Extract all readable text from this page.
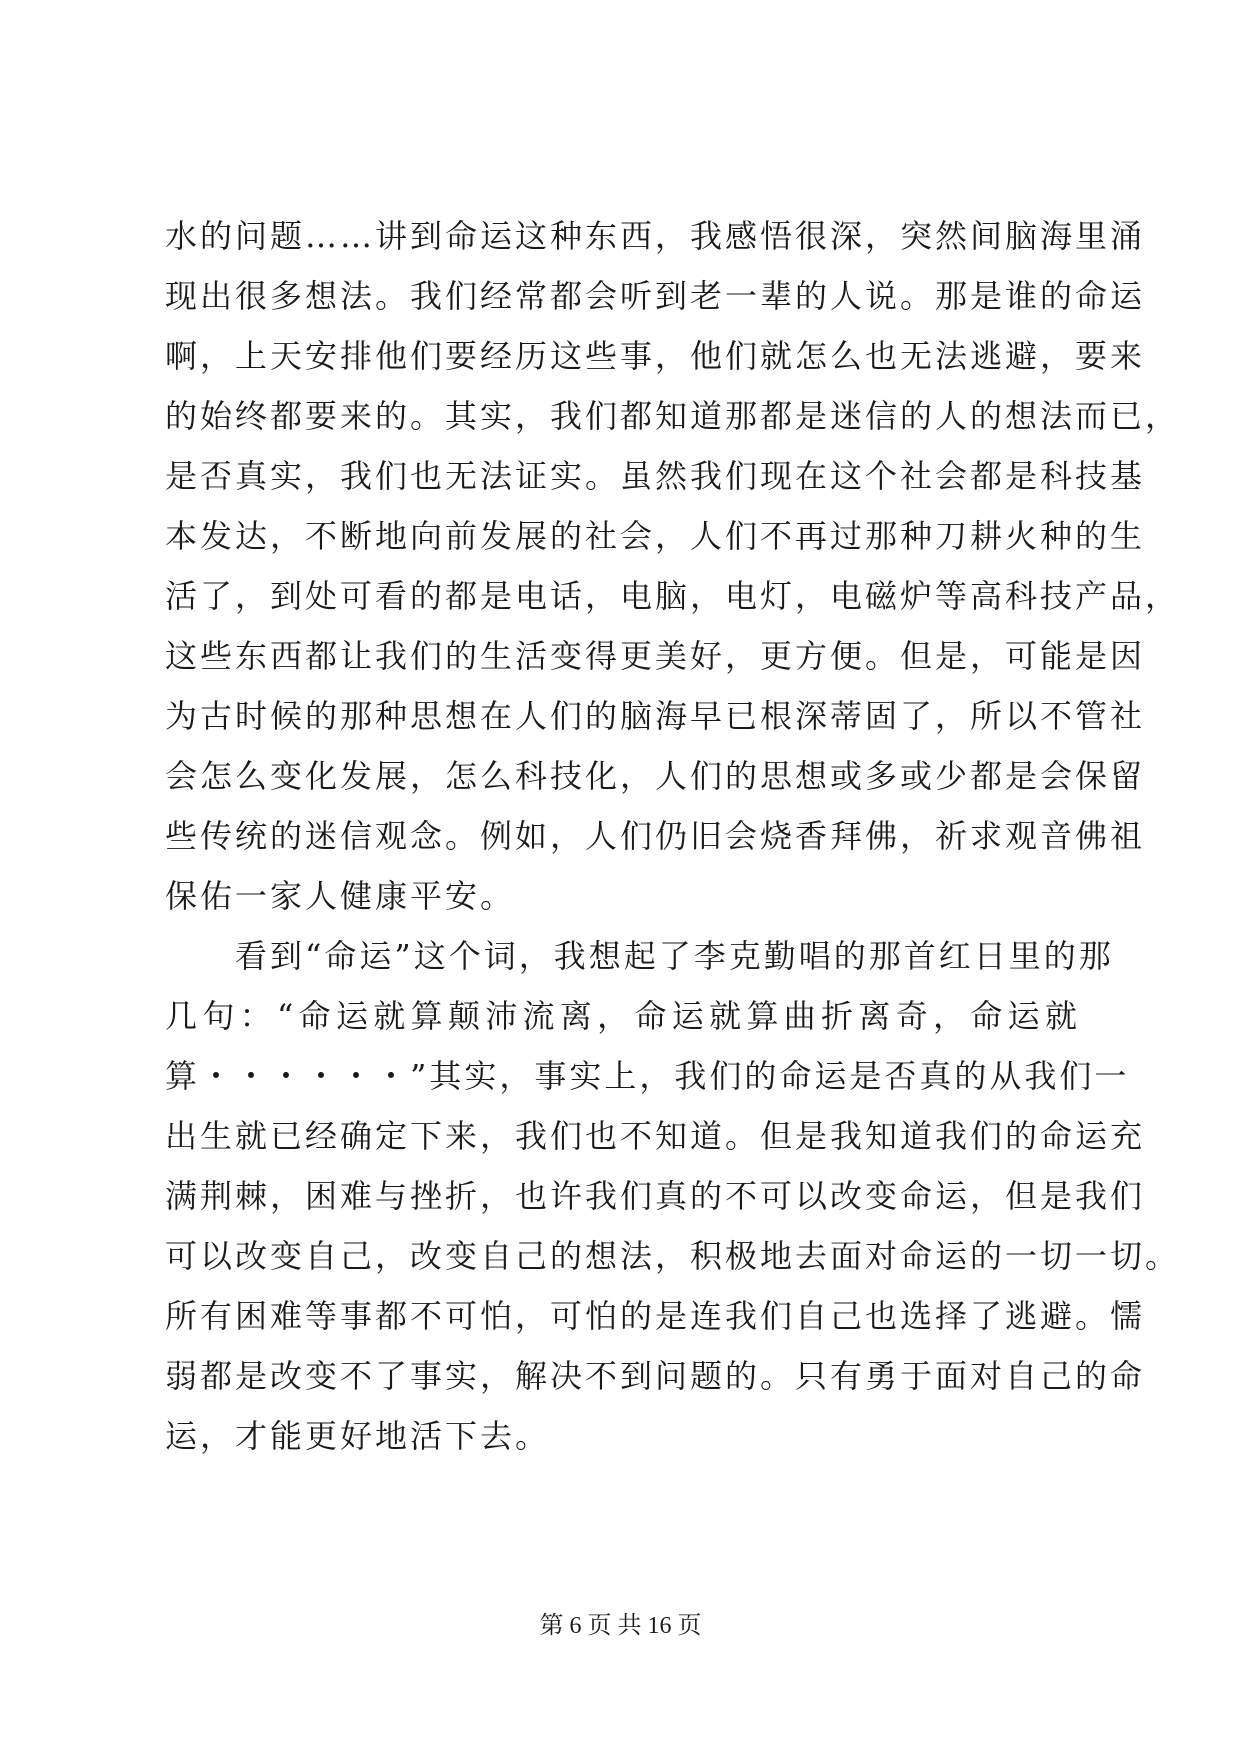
水的问题……讲到命运这种东西，我感悟很深，突然间脑海里涌
现出很多想法。我们经常都会听到老一辈的人说。那是谁的命运
啊，上天安排他们要经历这些事，他们就怎么也无法逃避，要来
的始终都要来的。其实，我们都知道那都是迷信的人的想法而已，
是否真实，我们也无法证实。虽然我们现在这个社会都是科技基
本发达，不断地向前发展的社会，人们不再过那种刀耕火种的生
活了，到处可看的都是电话，电脑，电灯，电磁炉等高科技产品，
这些东西都让我们的生活变得更美好，更方便。但是，可能是因
为古时候的那种思想在人们的脑海早已根深蒂固了，所以不管社
会怎么变化发展，怎么科技化，人们的思想或多或少都是会保留
些传统的迷信观念。例如，人们仍旧会烧香拜佛，祈求观音佛祖
保佑一家人健康平安。
　　看到“命运”这个词，我想起了李克勤唱的那首红日里的那
几句：“命运就算颠沛流离，命运就算曲折离奇，命运就
算・・・・・・”其实，事实上，我们的命运是否真的从我们一
出生就已经确定下来，我们也不知道。但是我知道我们的命运充
满荆棘，困难与挫折，也许我们真的不可以改变命运，但是我们
可以改变自己，改变自己的想法，积极地去面对命运的一切一切。
所有困难等事都不可怕，可怕的是连我们自己也选择了逃避。懦
弱都是改变不了事实，解决不到问题的。只有勇于面对自己的命
运，才能更好地活下去。
第 6 页 共 16 页
